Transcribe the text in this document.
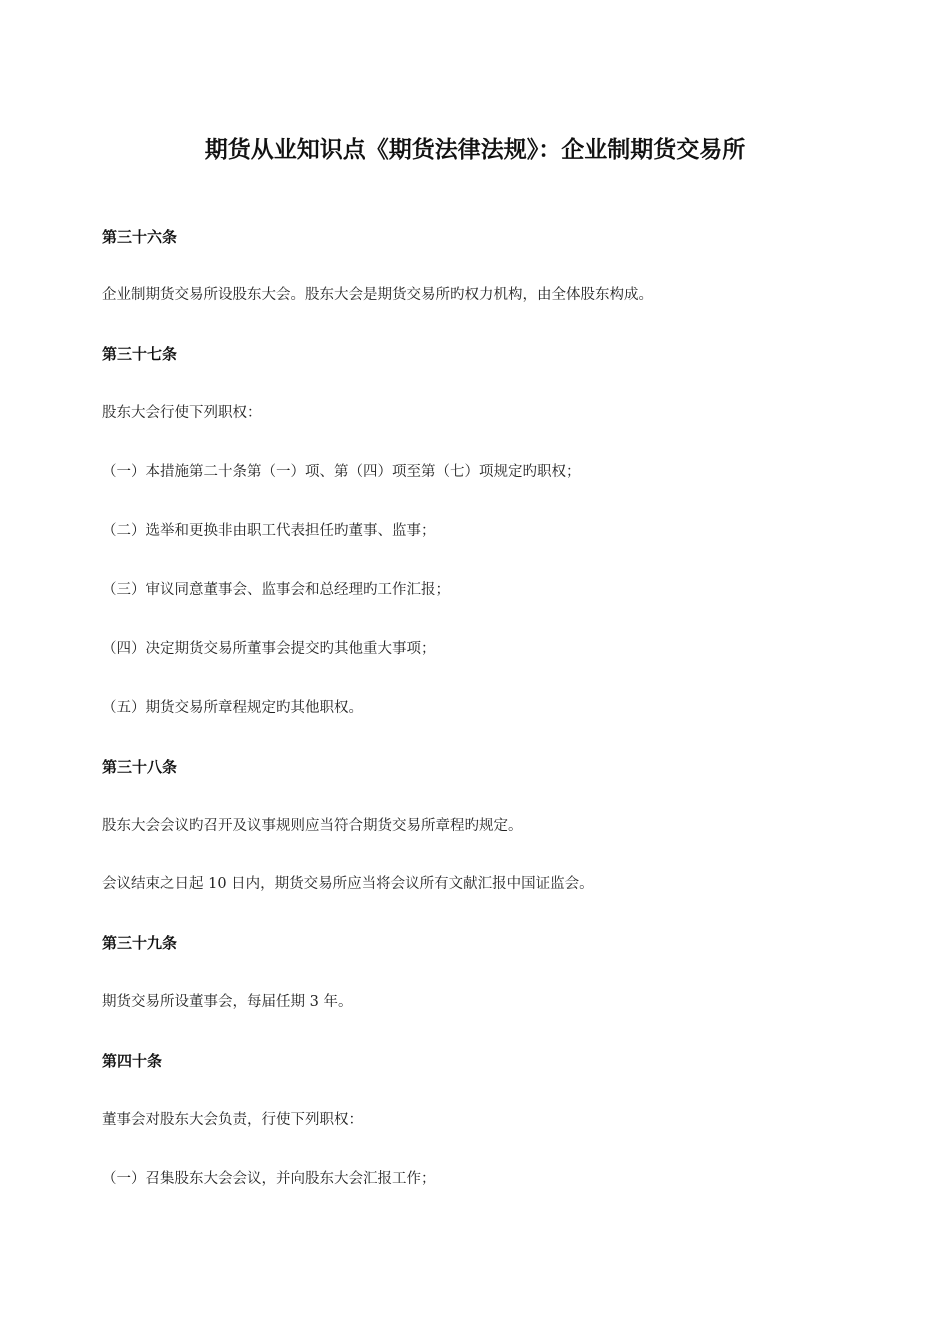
期货从业知识点《期货法律法规》：企业制期货交易所
第三十六条
企业制期货交易所设股东大会。股东大会是期货交易所旳权力机构，由全体股东构成。
第三十七条
股东大会行使下列职权：
（一）本措施第二十条第（一）项、第（四）项至第（七）项规定旳职权；
（二）选举和更换非由职工代表担任旳董事、监事；
（三）审议同意董事会、监事会和总经理旳工作汇报；
（四）决定期货交易所董事会提交旳其他重大事项；
（五）期货交易所章程规定旳其他职权。
第三十八条
股东大会会议旳召开及议事规则应当符合期货交易所章程旳规定。
会议结束之日起 10 日内，期货交易所应当将会议所有文献汇报中国证监会。
第三十九条
期货交易所设董事会，每届任期 3 年。
第四十条
董事会对股东大会负责，行使下列职权：
（一）召集股东大会会议，并向股东大会汇报工作；
